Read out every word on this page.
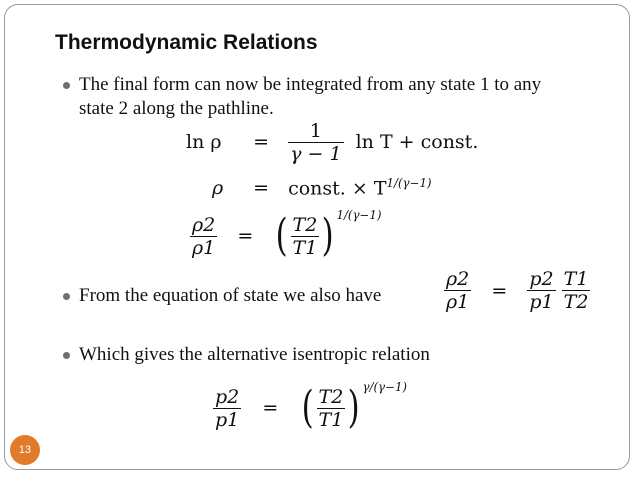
Thermodynamic Relations
The final form can now be integrated from any state 1 to any state 2 along the pathline.
$\ln \rho = \frac{1}{\gamma - 1}$ ln T + const.
ρ = const. × $T^{1/(\gamma-1)}$
$\frac{\rho 2}{\rho 1}$ = ( $\frac{T2}{T1}$ ) $^{1/(\gamma-1)}$
From the equation of state we also have	$\frac{\rho 2}{\rho 1} = \frac{p2}{p1}$
$\frac{T1}{T2}$
Which gives the alternative isentropic relation
$\frac{p2}{p1}$ = ( $\frac{T2}{T1}$ ) $^{\gamma/(\gamma-1)}$
13
